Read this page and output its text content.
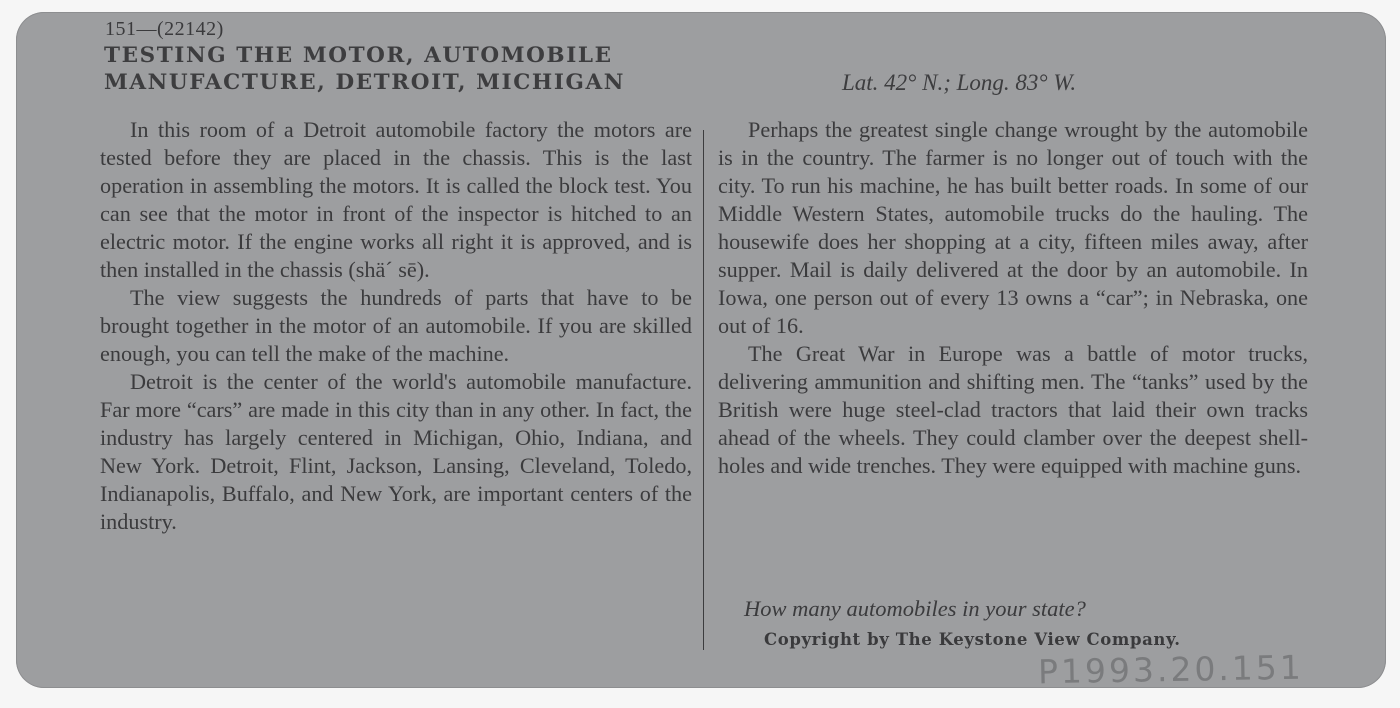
151—(22142)
TESTING THE MOTOR, AUTOMOBILE
MANUFACTURE, DETROIT, MICHIGAN	Lat. 42° N.; Long. 83° W.

In this room of a Detroit automobile factory the motors are tested before they are placed in the chassis. This is the last operation in assembling the motors. It is called the block test. You can see that the motor in front of the inspector is hitched to an electric motor. If the engine works all right it is approved, and is then installed in the chassis (shä´ sē).

The view suggests the hundreds of parts that have to be brought together in the motor of an automobile. If you are skilled enough, you can tell the make of the machine.

Detroit is the center of the world's automobile manufacture. Far more “cars” are made in this city than in any other. In fact, the industry has largely centered in Michigan, Ohio, Indiana, and New York. Detroit, Flint, Jackson, Lansing, Cleveland, Toledo, Indianapolis, Buffalo, and New York, are important centers of the industry.

Perhaps the greatest single change wrought by the automobile is in the country. The farmer is no longer out of touch with the city. To run his machine, he has built better roads. In some of our Middle Western States, automobile trucks do the hauling. The housewife does her shopping at a city, fifteen miles away, after supper. Mail is daily delivered at the door by an automobile. In Iowa, one person out of every 13 owns a “car”; in Nebraska, one out of 16.

The Great War in Europe was a battle of motor trucks, delivering ammunition and shifting men. The “tanks” used by the British were huge steel-clad tractors that laid their own tracks ahead of the wheels. They could clamber over the deepest shell-holes and wide trenches. They were equipped with machine guns.

How many automobiles in your state?
Copyright by The Keystone View Company.
P1993.20.151
